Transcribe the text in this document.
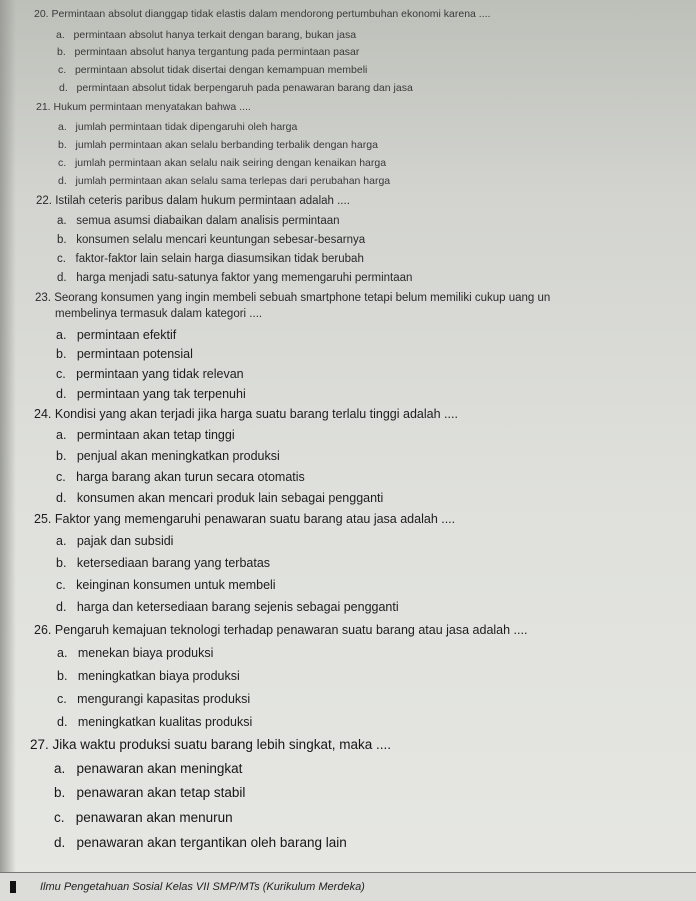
20. Permintaan absolut dianggap tidak elastis dalam mendorong pertumbuhan ekonomi karena ....
a. permintaan absolut hanya terkait dengan barang, bukan jasa
b. permintaan absolut hanya tergantung pada permintaan pasar
c. permintaan absolut tidak disertai dengan kemampuan membeli
d. permintaan absolut tidak berpengaruh pada penawaran barang dan jasa
21. Hukum permintaan menyatakan bahwa ....
a. jumlah permintaan tidak dipengaruhi oleh harga
b. jumlah permintaan akan selalu berbanding terbalik dengan harga
c. jumlah permintaan akan selalu naik seiring dengan kenaikan harga
d. jumlah permintaan akan selalu sama terlepas dari perubahan harga
22. Istilah ceteris paribus dalam hukum permintaan adalah ....
a. semua asumsi diabaikan dalam analisis permintaan
b. konsumen selalu mencari keuntungan sebesar-besarnya
c. faktor-faktor lain selain harga diasumsikan tidak berubah
d. harga menjadi satu-satunya faktor yang memengaruhi permintaan
23. Seorang konsumen yang ingin membeli sebuah smartphone tetapi belum memiliki cukup uang un
membelinya termasuk dalam kategori ....
a. permintaan efektif
b. permintaan potensial
c. permintaan yang tidak relevan
d. permintaan yang tak terpenuhi
24. Kondisi yang akan terjadi jika harga suatu barang terlalu tinggi adalah ....
a. permintaan akan tetap tinggi
b. penjual akan meningkatkan produksi
c. harga barang akan turun secara otomatis
d. konsumen akan mencari produk lain sebagai pengganti
25. Faktor yang memengaruhi penawaran suatu barang atau jasa adalah ....
a. pajak dan subsidi
b. ketersediaan barang yang terbatas
c. keinginan konsumen untuk membeli
d. harga dan ketersediaan barang sejenis sebagai pengganti
26. Pengaruh kemajuan teknologi terhadap penawaran suatu barang atau jasa adalah ....
a. menekan biaya produksi
b. meningkatkan biaya produksi
c. mengurangi kapasitas produksi
d. meningkatkan kualitas produksi
27. Jika waktu produksi suatu barang lebih singkat, maka ....
a. penawaran akan meningkat
b. penawaran akan tetap stabil
c. penawaran akan menurun
d. penawaran akan tergantikan oleh barang lain
Ilmu Pengetahuan Sosial Kelas VII SMP/MTs (Kurikulum Merdeka)
